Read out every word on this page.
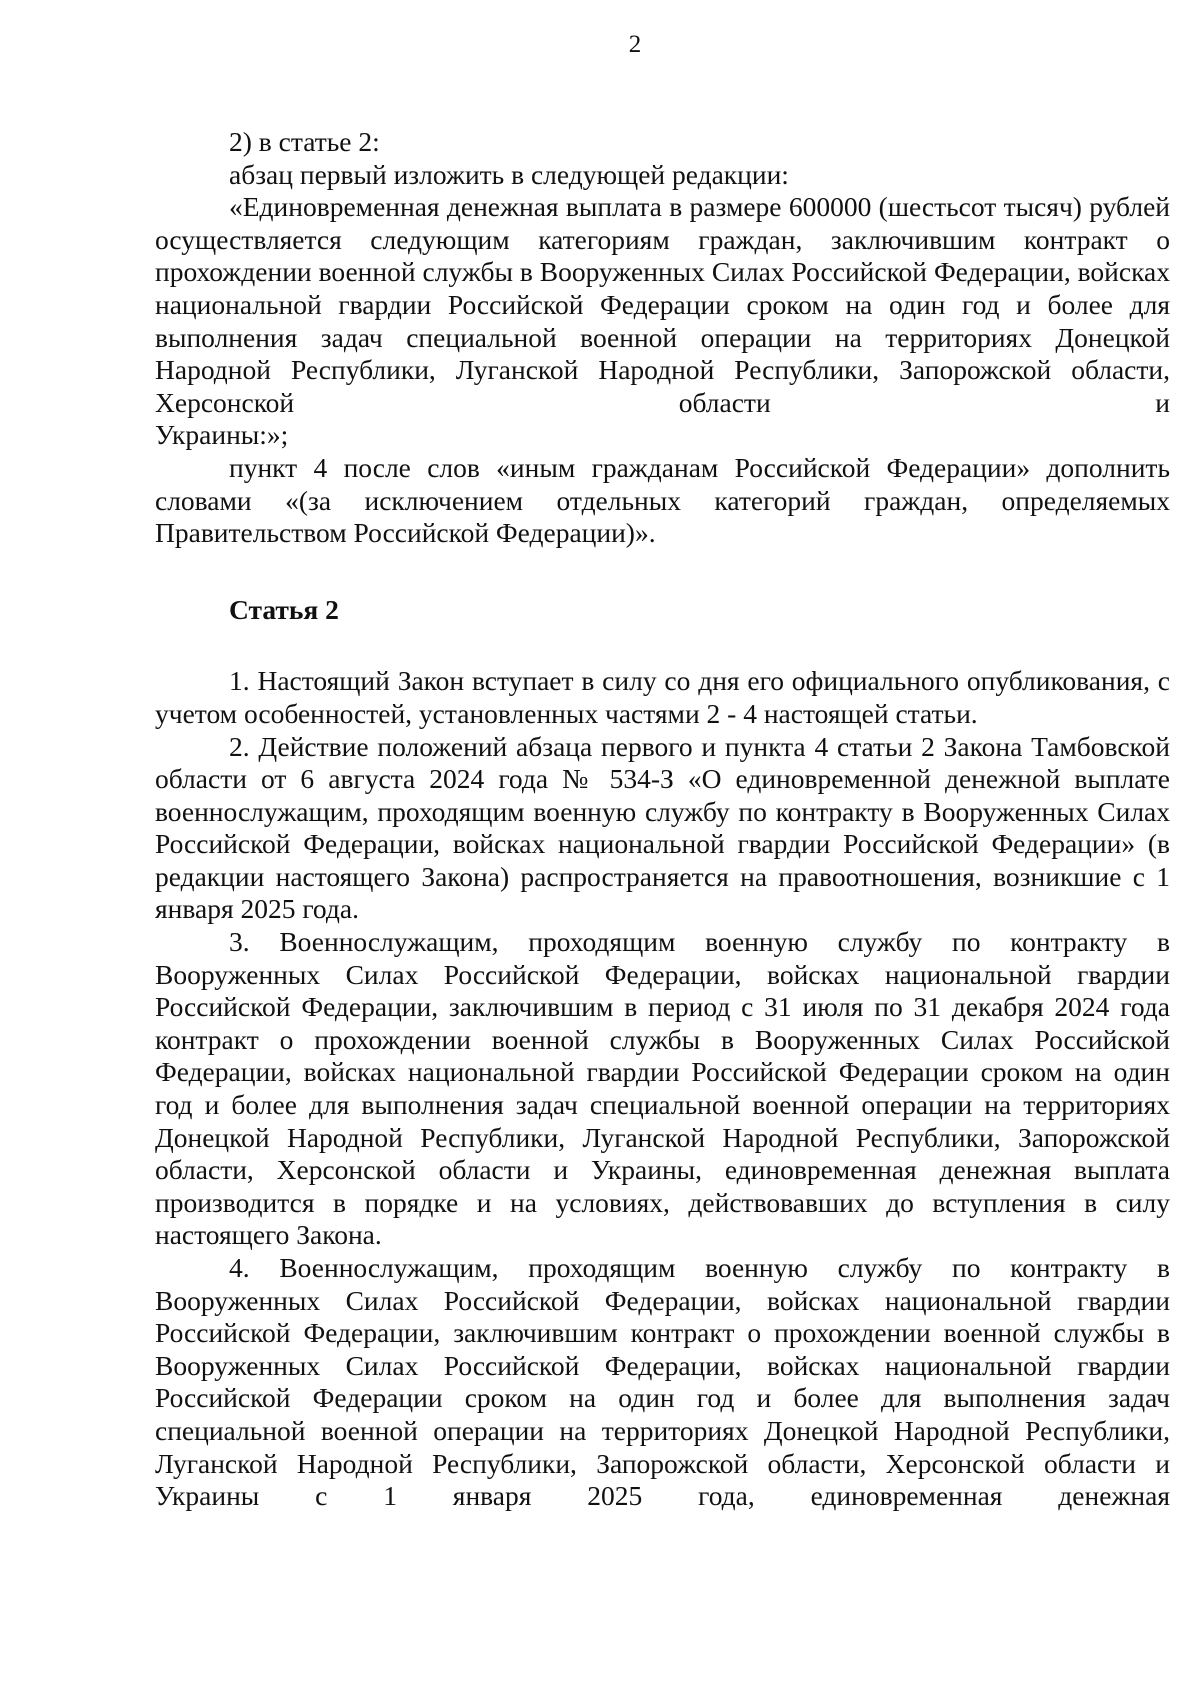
2

2) в статье 2:

абзац первый изложить в следующей редакции:

«Единовременная денежная выплата в размере 600000 (шестьсот тысяч) рублей осуществляется следующим категориям граждан, заключившим контракт о прохождении военной службы в Вооруженных Силах Российской Федерации, войсках национальной гвардии Российской Федерации сроком на один год и более для выполнения задач специальной военной операции на территориях Донецкой Народной Республики, Луганской Народной Республики, Запорожской области, Херсонской области и

Украины:»;

пункт 4 после слов «иным гражданам Российской Федерации» дополнить словами «(за исключением отдельных категорий граждан, определяемых Правительством Российской Федерации)».

Статья 2

1. Настоящий Закон вступает в силу со дня его официального опубликования, с учетом особенностей, установленных частями 2 - 4 настоящей статьи.

2. Действие положений абзаца первого и пункта 4 статьи 2 Закона Тамбовской области от 6 августа 2024 года № 534-З «О единовременной денежной выплате военнослужащим, проходящим военную службу по контракту в Вооруженных Силах Российской Федерации, войсках национальной гвардии Российской Федерации» (в редакции настоящего Закона) распространяется на правоотношения, возникшие с 1 января 2025 года.

3. Военнослужащим, проходящим военную службу по контракту в Вооруженных Силах Российской Федерации, войсках национальной гвардии Российской Федерации, заключившим в период с 31 июля по 31 декабря 2024 года контракт о прохождении военной службы в Вооруженных Силах Российской Федерации, войсках национальной гвардии Российской Федерации сроком на один год и более для выполнения задач специальной военной операции на территориях Донецкой Народной Республики, Луганской Народной Республики, Запорожской области, Херсонской области и Украины, единовременная денежная выплата производится в порядке и на условиях, действовавших до вступления в силу настоящего Закона.

4. Военнослужащим, проходящим военную службу по контракту в Вооруженных Силах Российской Федерации, войсках национальной гвардии Российской Федерации, заключившим контракт о прохождении военной службы в Вооруженных Силах Российской Федерации, войсках национальной гвардии Российской Федерации сроком на один год и более для выполнения задач специальной военной операции на территориях Донецкой Народной Республики, Луганской Народной Республики, Запорожской области, Херсонской области и Украины с 1 января 2025 года, единовременная денежная
